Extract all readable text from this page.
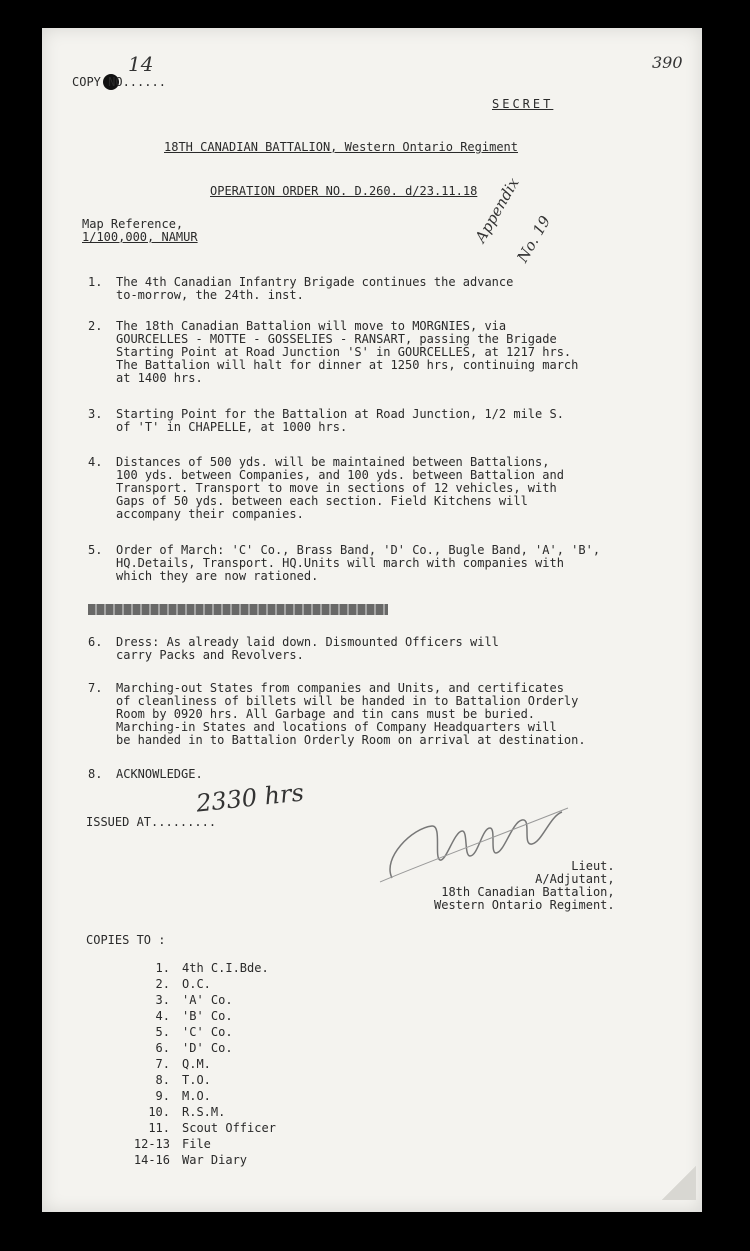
COPY NO......
14	390
SECRET
18TH CANADIAN BATTALION, Western Ontario Regiment
OPERATION ORDER NO. D.260. d/23.11.18
Map Reference,
1/100,000, NAMUR	Appendix
No. 19
1. The 4th Canadian Infantry Brigade continues the advance
to-morrow, the 24th. inst.
2. The 18th Canadian Battalion will move to MORGNIES, via
GOURCELLES - MOTTE - GOSSELIES - RANSART, passing the Brigade
Starting Point at Road Junction 'S' in GOURCELLES, at 1217 hrs.
The Battalion will halt for dinner at 1250 hrs, continuing march
at 1400 hrs.
3. Starting Point for the Battalion at Road Junction, 1/2 mile S.
of 'T' in CHAPELLE, at 1000 hrs.
4. Distances of 500 yds. will be maintained between Battalions,
100 yds. between Companies, and 100 yds. between Battalion and
Transport. Transport to move in sections of 12 vehicles, with
Gaps of 50 yds. between each section. Field Kitchens will
accompany their companies.
5. Order of March: 'C' Co., Brass Band, 'D' Co., Bugle Band, 'A', 'B',
HQ.Details, Transport. HQ.Units will march with companies with
which they are now rationed.
6. Dress: As already laid down. Dismounted Officers will
carry Packs and Revolvers.
7. Marching-out States from companies and Units, and certificates
of cleanliness of billets will be handed in to Battalion Orderly
Room by 0920 hrs. All Garbage and tin cans must be buried.
Marching-in States and locations of Company Headquarters will
be handed in to Battalion Orderly Room on arrival at destination.
8. ACKNOWLEDGE.
ISSUED AT.........
2330 hrs
Lieut.
A/Adjutant,
18th Canadian Battalion,
Western Ontario Regiment.
COPIES TO :
1. 4th C.I.Bde.
2. O.C.
3. 'A' Co.
4. 'B' Co.
5. 'C' Co.
6. 'D' Co.
7. Q.M.
8. T.O.
9. M.O.
10. R.S.M.
11. Scout Officer
12-13 File
14-16 War Diary
